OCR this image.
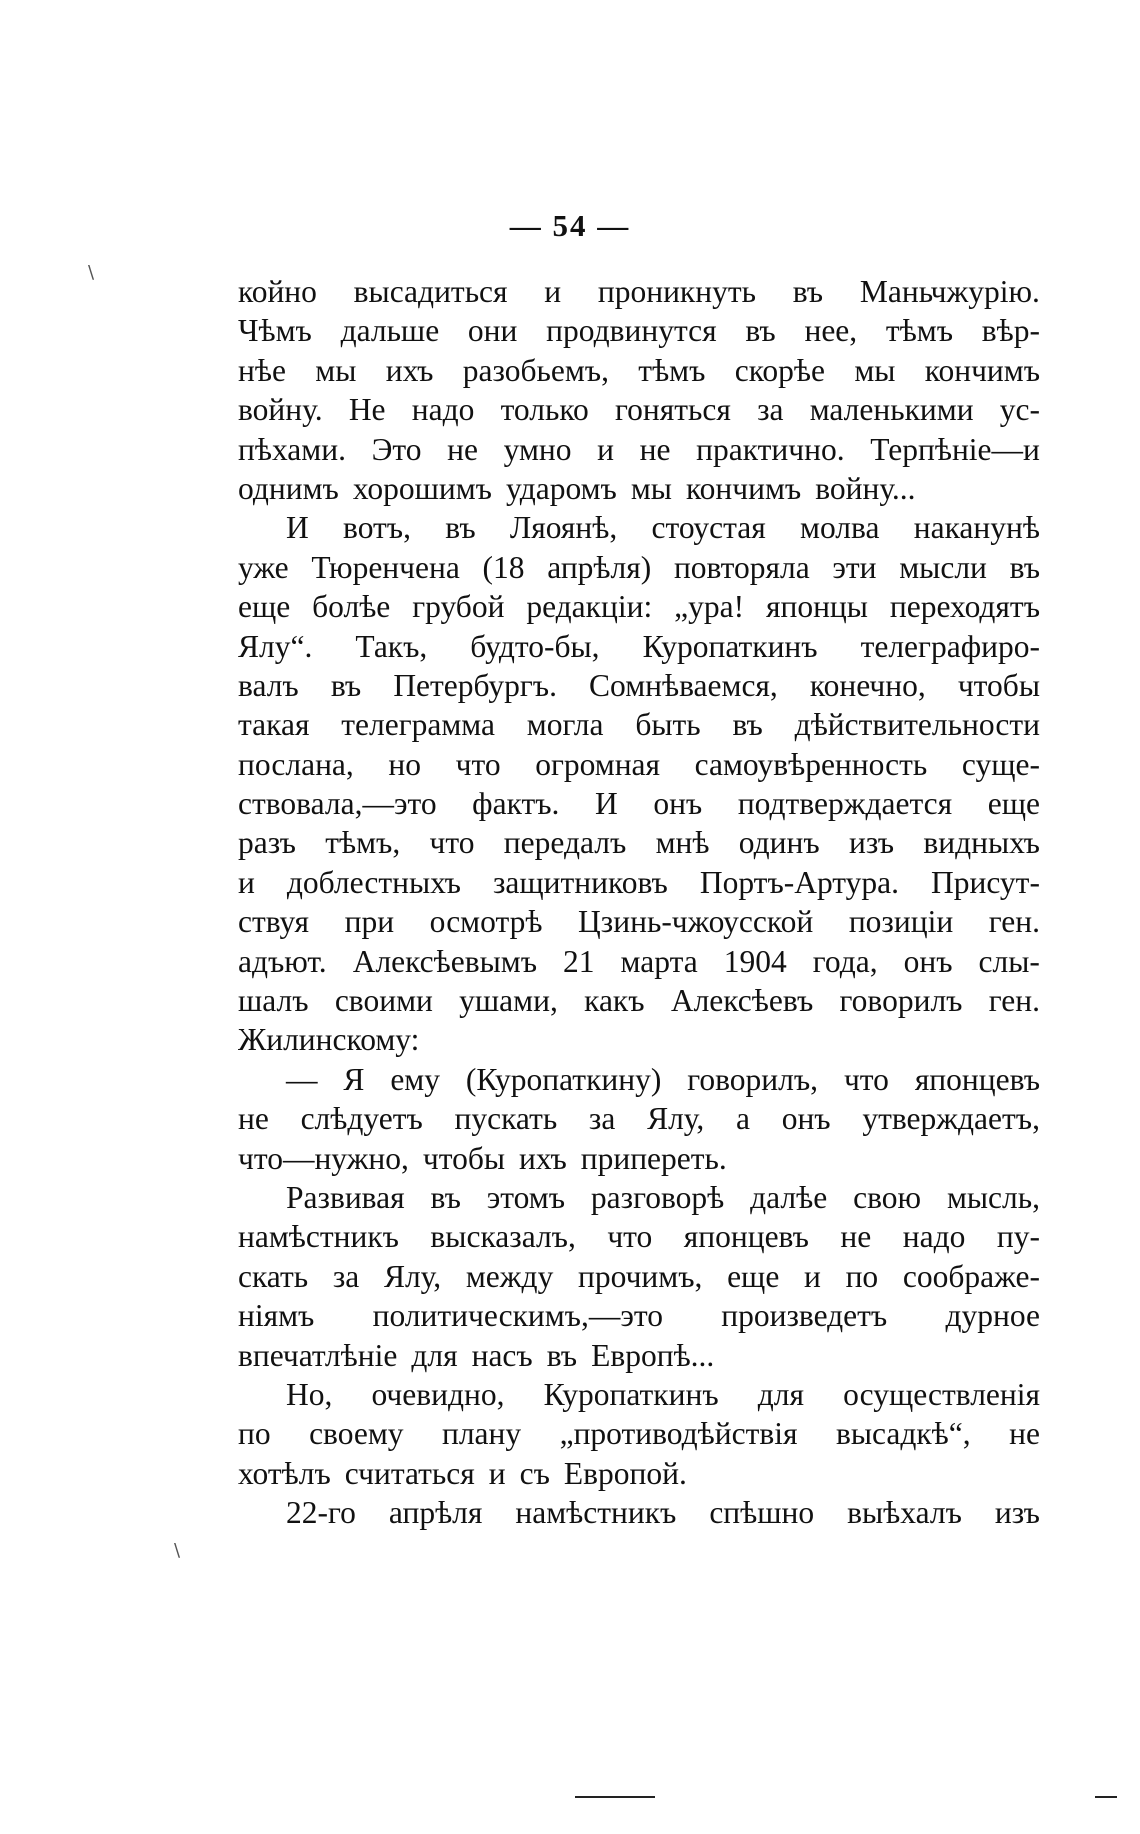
— 54 —
койно высадиться и проникнуть въ Маньчжурію.
Чѣмъ дальше они продвинутся въ нее, тѣмъ вѣр-
нѣе мы ихъ разобьемъ, тѣмъ скорѣе мы кончимъ
войну. Не надо только гоняться за маленькими ус-
пѣхами. Это не умно и не практично. Терпѣніе—и
однимъ хорошимъ ударомъ мы кончимъ войну...
И вотъ, въ Ляоянѣ, стоустая молва наканунѣ
уже Тюренчена (18 апрѣля) повторяла эти мысли въ
еще болѣе грубой редакціи: „ура! японцы переходятъ
Ялу“. Такъ, будто-бы, Куропаткинъ телеграфиро-
валъ въ Петербургъ. Сомнѣваемся, конечно, чтобы
такая телеграмма могла быть въ дѣйствительности
послана, но что огромная самоувѣренность суще-
ствовала,—это фактъ. И онъ подтверждается еще
разъ тѣмъ, что передалъ мнѣ одинъ изъ видныхъ
и доблестныхъ защитниковъ Портъ-Артура. Присут-
ствуя при осмотрѣ Цзинь-чжоусской позиціи ген.
адъют. Алексѣевымъ 21 марта 1904 года, онъ слы-
шалъ своими ушами, какъ Алексѣевъ говорилъ ген.
Жилинскому:
— Я ему (Куропаткину) говорилъ, что японцевъ
не слѣдуетъ пускать за Ялу, а онъ утверждаетъ,
что—нужно, чтобы ихъ припереть.
Развивая въ этомъ разговорѣ далѣе свою мысль,
намѣстникъ высказалъ, что японцевъ не надо пу-
скать за Ялу, между прочимъ, еще и по соображе-
ніямъ политическимъ,—это произведетъ дурное
впечатлѣніе для насъ въ Европѣ...
Но, очевидно, Куропаткинъ для осуществленія
по своему плану „противодѣйствія высадкѣ“, не
хотѣлъ считаться и съ Европой.
22-го апрѣля намѣстникъ спѣшно выѣхалъ изъ
\
\
